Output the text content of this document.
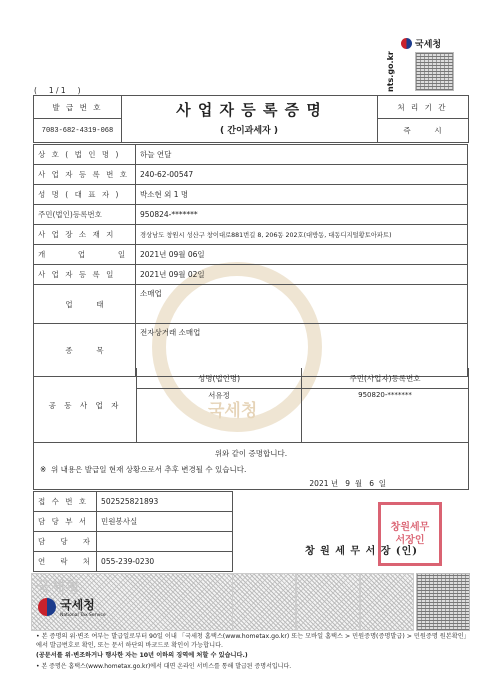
국세청
nts.go.kr
(     1 / 1     )
국세청
발 급 번 호
7083-682-4319-068
사 업 자 등 록 증 명
( 간이과세자 )
처 리 기 간
즉          시
상 호 ( 법 인 명 )	하늘 연달
사 업 자 등 록 번 호	240-62-00547
성 명 ( 대 표 자 )	박소현 외 1 명
주민(법인)등록번호	950824-*******
사 업 장 소 재 지	경상남도 창원시 성산구 창이대로881번길 8, 206동 202호(대방동, 대동디지털황토아파트)
개       업       일	2021년 09월 06일
사 업 자 등 록 일	2021년 09월 02일
업          태	소매업
종          목	전자상거래 소매업
공 동 사 업 자
성명(법인명)	주민(사업자)등록번호
서유정	950820-*******
위와 같이 증명합니다.
※  위 내용은 발급일 현재 상황으로서 추후 변경될 수 있습니다.
2021 년   9  월   6  일
접 수 번 호	502525821893
담 당 부 서	민원봉사실
담   당   자	
연   락   처	055-239-0230
창원세무서장인
창 원 세 무 서 장 (인)
국세청
국세청
National Tax Service
• 본 증명의 위·변조 여부는 발급일로부터 90일 이내 「국세청 홈택스(www.hometax.go.kr) 또는 모바일 홈택스 > 민원증명(증명발급) > 민원증명 원본확인」에서 발급번호로 확인, 또는 문서 하단의 바코드로 확인이 가능합니다.
(공문서를 위·변조하거나 행사한 자는 10년 이하의 징역에 처할 수 있습니다.)
• 본 증명은 홈택스(www.hometax.go.kr)에서 대면 온라인 서비스를 통해 발급된 증명서입니다.
